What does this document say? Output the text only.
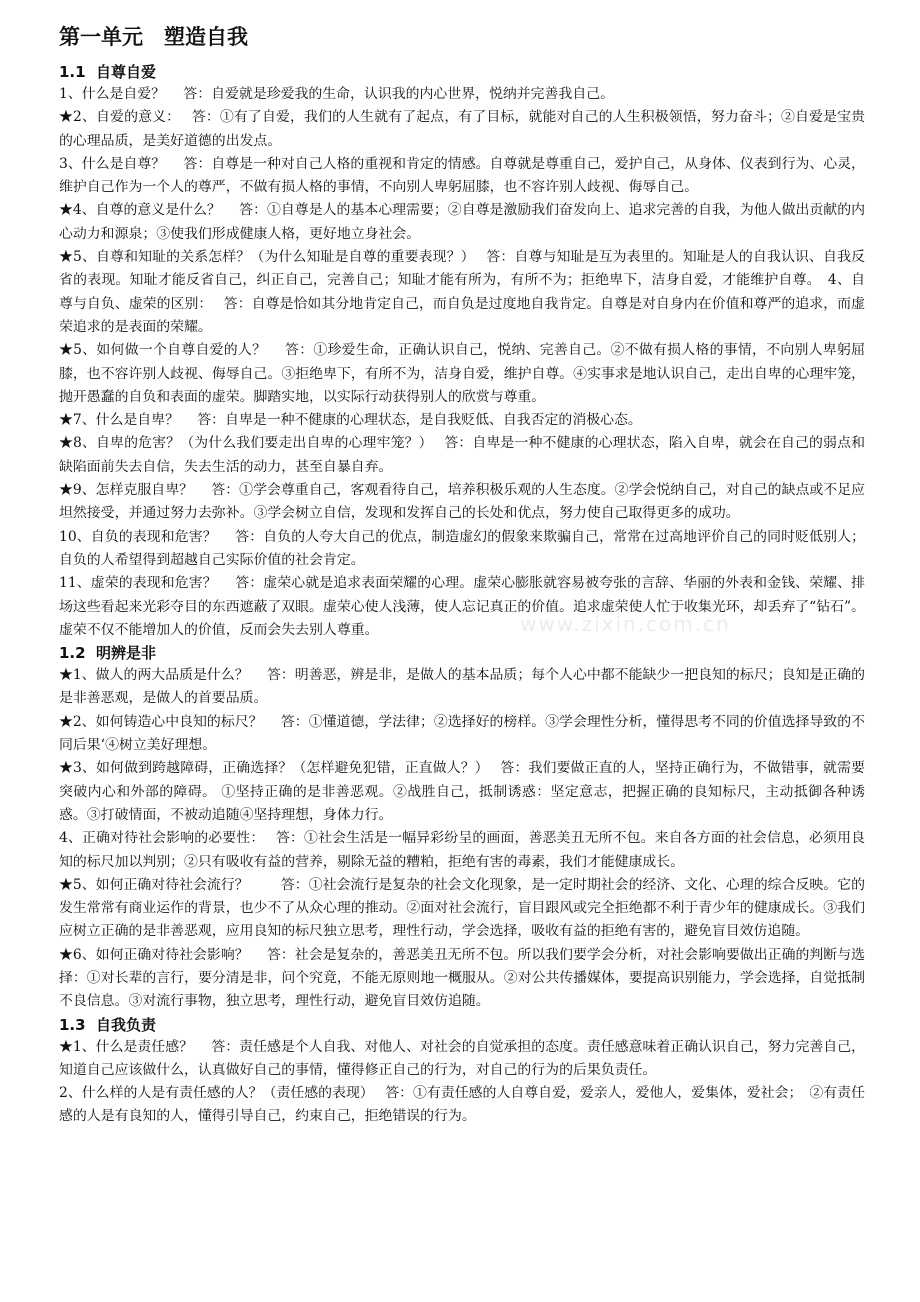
第一单元　塑造自我
1.1  自尊自爱

1、什么是自爱？　 答：自爱就是珍爱我的生命，认识我的内心世界，悦纳并完善我自己。

★2、自爱的意义：　 答：①有了自爱，我们的人生就有了起点，有了目标，就能对自己的人生积极领悟，努力奋斗；②自爱是宝贵的心理品质，是美好道德的出发点。

3、什么是自尊？　 答：自尊是一种对自己人格的重视和肯定的情感。自尊就是尊重自己，爱护自己，从身体、仪表到行为、心灵，维护自己作为一个人的尊严，不做有损人格的事情，不向别人卑躬屈膝，也不容许别人歧视、侮辱自己。

★4、自尊的意义是什么？　 答：①自尊是人的基本心理需要；②自尊是激励我们奋发向上、追求完善的自我，为他人做出贡献的内心动力和源泉；③使我们形成健康人格，更好地立身社会。

★5、自尊和知耻的关系怎样？（为什么知耻是自尊的重要表现？）　 答：自尊与知耻是互为表里的。知耻是人的自我认识、自我反省的表现。知耻才能反省自己，纠正自己，完善自己；知耻才能有所为，有所不为；拒绝卑下，洁身自爱，才能维护自尊。　4、自尊与自负、虚荣的区别：　 答：自尊是恰如其分地肯定自己，而自负是过度地自我肯定。自尊是对自身内在价值和尊严的追求，而虚荣追求的是表面的荣耀。

★5、如何做一个自尊自爱的人？　 答：①珍爱生命，正确认识自己，悦纳、完善自己。②不做有损人格的事情，不向别人卑躬屈膝，也不容许别人歧视、侮辱自己。③拒绝卑下，有所不为，洁身自爱，维护自尊。④实事求是地认识自己，走出自卑的心理牢笼，抛开愚蠢的自负和表面的虚荣。脚踏实地，以实际行动获得别人的欣赏与尊重。

★7、什么是自卑？　 答：自卑是一种不健康的心理状态，是自我贬低、自我否定的消极心态。

★8、自卑的危害？（为什么我们要走出自卑的心理牢笼？）　 答：自卑是一种不健康的心理状态，陷入自卑，就会在自己的弱点和缺陷面前失去自信，失去生活的动力，甚至自暴自弃。

★9、怎样克服自卑？　 答：①学会尊重自己，客观看待自己，培养积极乐观的人生态度。②学会悦纳自己，对自己的缺点或不足应坦然接受，并通过努力去弥补。③学会树立自信，发现和发挥自己的长处和优点，努力使自己取得更多的成功。

10、自负的表现和危害？　 答：自负的人夸大自己的优点，制造虚幻的假象来欺骗自己，常常在过高地评价自己的同时贬低别人；自负的人希望得到超越自己实际价值的社会肯定。

11、虚荣的表现和危害？　 答：虚荣心就是追求表面荣耀的心理。虚荣心膨胀就容易被夸张的言辞、华丽的外表和金钱、荣耀、排场这些看起来光彩夺目的东西遮蔽了双眼。虚荣心使人浅薄，使人忘记真正的价值。追求虚荣使人忙于收集光环，却丢弃了“钻石”。虚荣不仅不能增加人的价值，反而会失去别人尊重。

1.2  明辨是非

★1、做人的两大品质是什么？　 答：明善恶，辨是非，是做人的基本品质；每个人心中都不能缺少一把良知的标尺；良知是正确的是非善恶观，是做人的首要品质。

★2、如何铸造心中良知的标尺？　 答：①懂道德，学法律；②选择好的榜样。③学会理性分析，懂得思考不同的价值选择导致的不同后果‘④树立美好理想。

★3、如何做到跨越障碍，正确选择？（怎样避免犯错，正直做人？）　 答：我们要做正直的人，坚持正确行为，不做错事，就需要突破内心和外部的障碍。 ①坚持正确的是非善恶观。②战胜自己，抵制诱惑：坚定意志，把握正确的良知标尺，主动抵御各种诱惑。③打破情面，不被动追随④坚持理想，身体力行。

4、正确对待社会影响的必要性：　 答：①社会生活是一幅异彩纷呈的画面，善恶美丑无所不包。来自各方面的社会信息，必须用良知的标尺加以判别；②只有吸收有益的营养，剔除无益的糟粕，拒绝有害的毒素，我们才能健康成长。

★5、如何正确对待社会流行？　　 答：①社会流行是复杂的社会文化现象，是一定时期社会的经济、文化、心理的综合反映。它的发生常常有商业运作的背景，也少不了从众心理的推动。②面对社会流行，盲目跟风或完全拒绝都不利于青少年的健康成长。③我们应树立正确的是非善恶观，应用良知的标尺独立思考，理性行动，学会选择，吸收有益的拒绝有害的，避免盲目效仿追随。

★6、如何正确对待社会影响？　 答：社会是复杂的，善恶美丑无所不包。所以我们要学会分析，对社会影响要做出正确的判断与选择：①对长辈的言行，要分清是非，问个究竟，不能无原则地一概服从。②对公共传播媒体，要提高识别能力，学会选择，自觉抵制不良信息。③对流行事物，独立思考，理性行动，避免盲目效仿追随。

1.3  自我负责

★1、什么是责任感？　 答：责任感是个人自我、对他人、对社会的自觉承担的态度。责任感意味着正确认识自己，努力完善自己，知道自己应该做什么，认真做好自己的事情，懂得修正自己的行为，对自己的行为的后果负责任。

2、什么样的人是有责任感的人？（责任感的表现）　 答：①有责任感的人自尊自爱，爱亲人，爱他人，爱集体，爱社会；　②有责任感的人是有良知的人，懂得引导自己，约束自己，拒绝错误的行为。

www.zixin.com.cn
